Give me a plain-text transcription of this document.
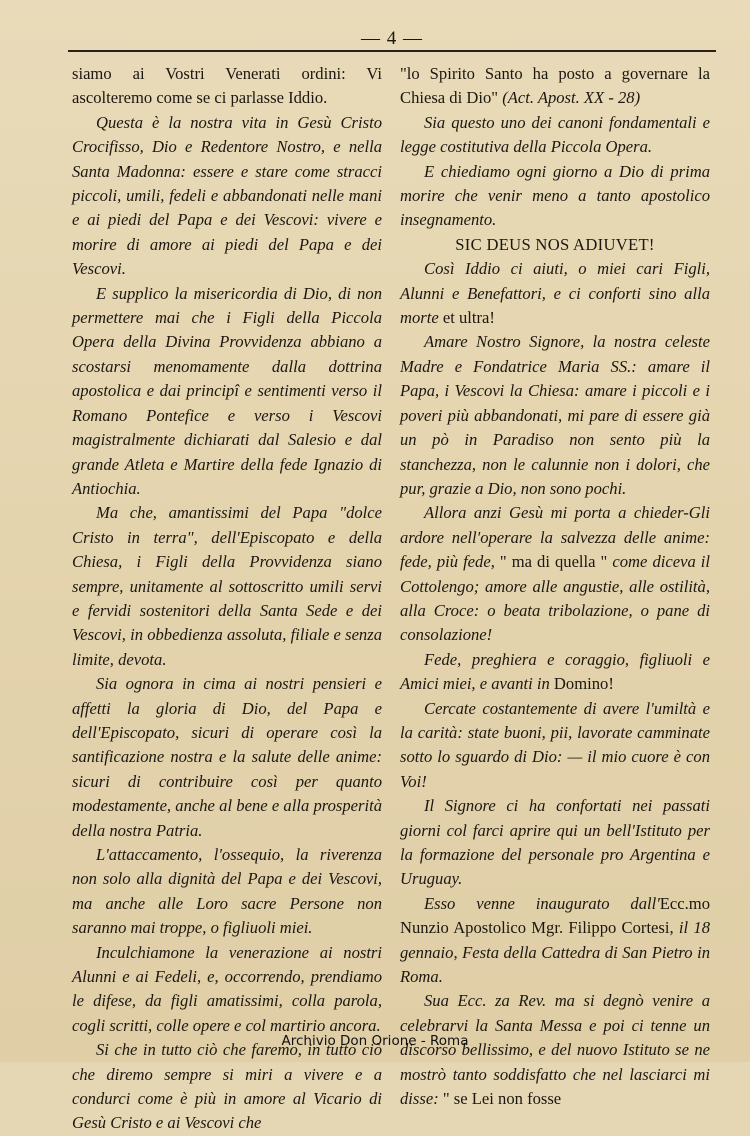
— 4 —

siamo ai Vostri Venerati ordini: Vi ascolteremo come se ci parlasse Iddio.

Questa è la nostra vita in Gesù Cristo Crocifisso, Dio e Redentore Nostro, e nella Santa Madonna: essere e stare come stracci piccoli, umili, fedeli e abbandonati nelle mani e ai piedi del Papa e dei Vescovi: vivere e morire di amore ai piedi del Papa e dei Vescovi.

E supplico la misericordia di Dio, di non permettere mai che i Figli della Piccola Opera della Divina Provvidenza abbiano a scostarsi menomamente dalla dottrina apostolica e dai principî e sentimenti verso il Romano Pontefice e verso i Vescovi magistralmente dichiarati dal Salesio e dal grande Atleta e Martire della fede Ignazio di Antiochia.

Ma che, amantissimi del Papa "dolce Cristo in terra", dell'Episcopato e della Chiesa, i Figli della Provvidenza siano sempre, unitamente al sottoscritto umili servi e fervidi sostenitori della Santa Sede e dei Vescovi, in obbedienza assoluta, filiale e senza limite, devota.

Sia ognora in cima ai nostri pensieri e affetti la gloria di Dio, del Papa e dell'Episcopato, sicuri di operare così la santificazione nostra e la salute delle anime: sicuri di contribuire così per quanto modestamente, anche al bene e alla prosperità della nostra Patria.

L'attaccamento, l'ossequio, la riverenza non solo alla dignità del Papa e dei Vescovi, ma anche alle Loro sacre Persone non saranno mai troppe, o figliuoli miei.

Inculchiamone la venerazione ai nostri Alunni e ai Fedeli, e, occorrendo, prendiamo le difese, da figli amatissimi, colla parola, cogli scritti, colle opere e col martirio ancora.

Si che in tutto ciò che faremo, in tutto ciò che diremo sempre si miri a vivere e a condurci come è più in amore al Vicario di Gesù Cristo e ai Vescovi che

"lo Spirito Santo ha posto a governare la Chiesa di Dio" (Act. Apost. XX - 28)

Sia questo uno dei canoni fondamentali e legge costitutiva della Piccola Opera.

E chiediamo ogni giorno a Dio di prima morire che venir meno a tanto apostolico insegnamento.

SIC DEUS NOS ADIUVET!

Così Iddio ci aiuti, o miei cari Figli, Alunni e Benefattori, e ci conforti sino alla morte et ultra!

Amare Nostro Signore, la nostra celeste Madre e Fondatrice Maria SS.: amare il Papa, i Vescovi la Chiesa: amare i piccoli e i poveri più abbandonati, mi pare di essere già un pò in Paradiso non sento più la stanchezza, non le calunnie non i dolori, che pur, grazie a Dio, non sono pochi.

Allora anzi Gesù mi porta a chieder-Gli ardore nell'operare la salvezza delle anime: fede, più fede, " ma di quella " come diceva il Cottolengo; amore alle angustie, alle ostilità, alla Croce: o beata tribolazione, o pane di consolazione!

Fede, preghiera e coraggio, figliuoli e Amici miei, e avanti in Domino!

Cercate costantemente di avere l'umiltà e la carità: state buoni, pii, lavorate camminate sotto lo sguardo di Dio: — il mio cuore è con Voi!

Il Signore ci ha confortati nei passati giorni col farci aprire qui un bell'Istituto per la formazione del personale pro Argentina e Uruguay.

Esso venne inaugurato dall'Ecc.mo Nunzio Apostolico Mgr. Filippo Cortesi, il 18 gennaio, Festa della Cattedra di San Pietro in Roma.

Sua Ecc. za Rev. ma si degnò venire a celebrarvi la Santa Messa e poi ci tenne un discorso bellissimo, e del nuovo Istituto se ne mostrò tanto soddisfatto che nel lasciarci mi disse: " se Lei non fosse

Archivio Don Orione - Roma
